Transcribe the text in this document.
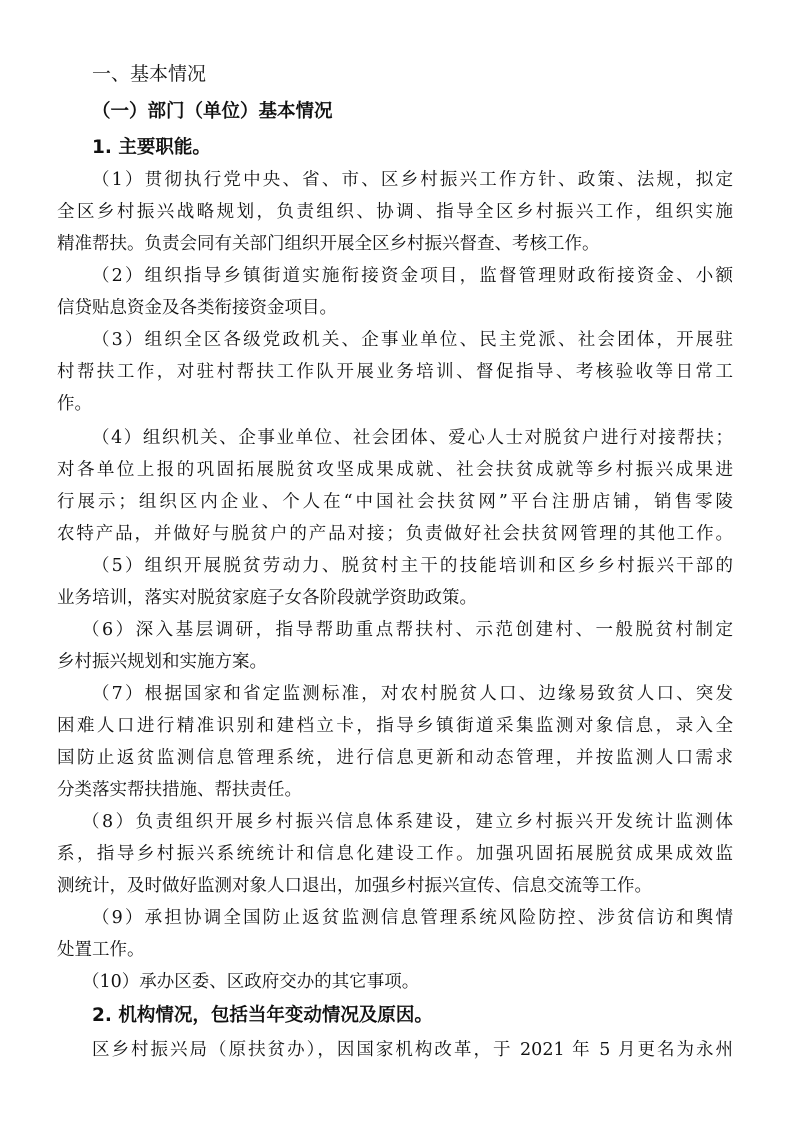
一、基本情况
（一）部门（单位）基本情况
1. 主要职能。
（1）贯彻执行党中央、省、市、区乡村振兴工作方针、政策、法规，拟定
全区乡村振兴战略规划，负责组织、协调、指导全区乡村振兴工作，组织实施
精准帮扶。负责会同有关部门组织开展全区乡村振兴督查、考核工作。
（2）组织指导乡镇街道实施衔接资金项目，监督管理财政衔接资金、小额
信贷贴息资金及各类衔接资金项目。
（3）组织全区各级党政机关、企事业单位、民主党派、社会团体，开展驻
村帮扶工作，对驻村帮扶工作队开展业务培训、督促指导、考核验收等日常工
作。
（4）组织机关、企事业单位、社会团体、爱心人士对脱贫户进行对接帮扶；
对各单位上报的巩固拓展脱贫攻坚成果成就、社会扶贫成就等乡村振兴成果进
行展示；组织区内企业、个人在“中国社会扶贫网”平台注册店铺，销售零陵
农特产品，并做好与脱贫户的产品对接；负责做好社会扶贫网管理的其他工作。
（5）组织开展脱贫劳动力、脱贫村主干的技能培训和区乡乡村振兴干部的
业务培训，落实对脱贫家庭子女各阶段就学资助政策。
（6）深入基层调研，指导帮助重点帮扶村、示范创建村、一般脱贫村制定
乡村振兴规划和实施方案。
（7）根据国家和省定监测标准，对农村脱贫人口、边缘易致贫人口、突发
困难人口进行精准识别和建档立卡，指导乡镇街道采集监测对象信息，录入全
国防止返贫监测信息管理系统，进行信息更新和动态管理，并按监测人口需求
分类落实帮扶措施、帮扶责任。
（8）负责组织开展乡村振兴信息体系建设，建立乡村振兴开发统计监测体
系，指导乡村振兴系统统计和信息化建设工作。加强巩固拓展脱贫成果成效监
测统计，及时做好监测对象人口退出，加强乡村振兴宣传、信息交流等工作。
（9）承担协调全国防止返贫监测信息管理系统风险防控、涉贫信访和舆情
处置工作。
（10）承办区委、区政府交办的其它事项。
2. 机构情况，包括当年变动情况及原因。
区乡村振兴局（原扶贫办），因国家机构改革，于 2021 年 5 月更名为永州
